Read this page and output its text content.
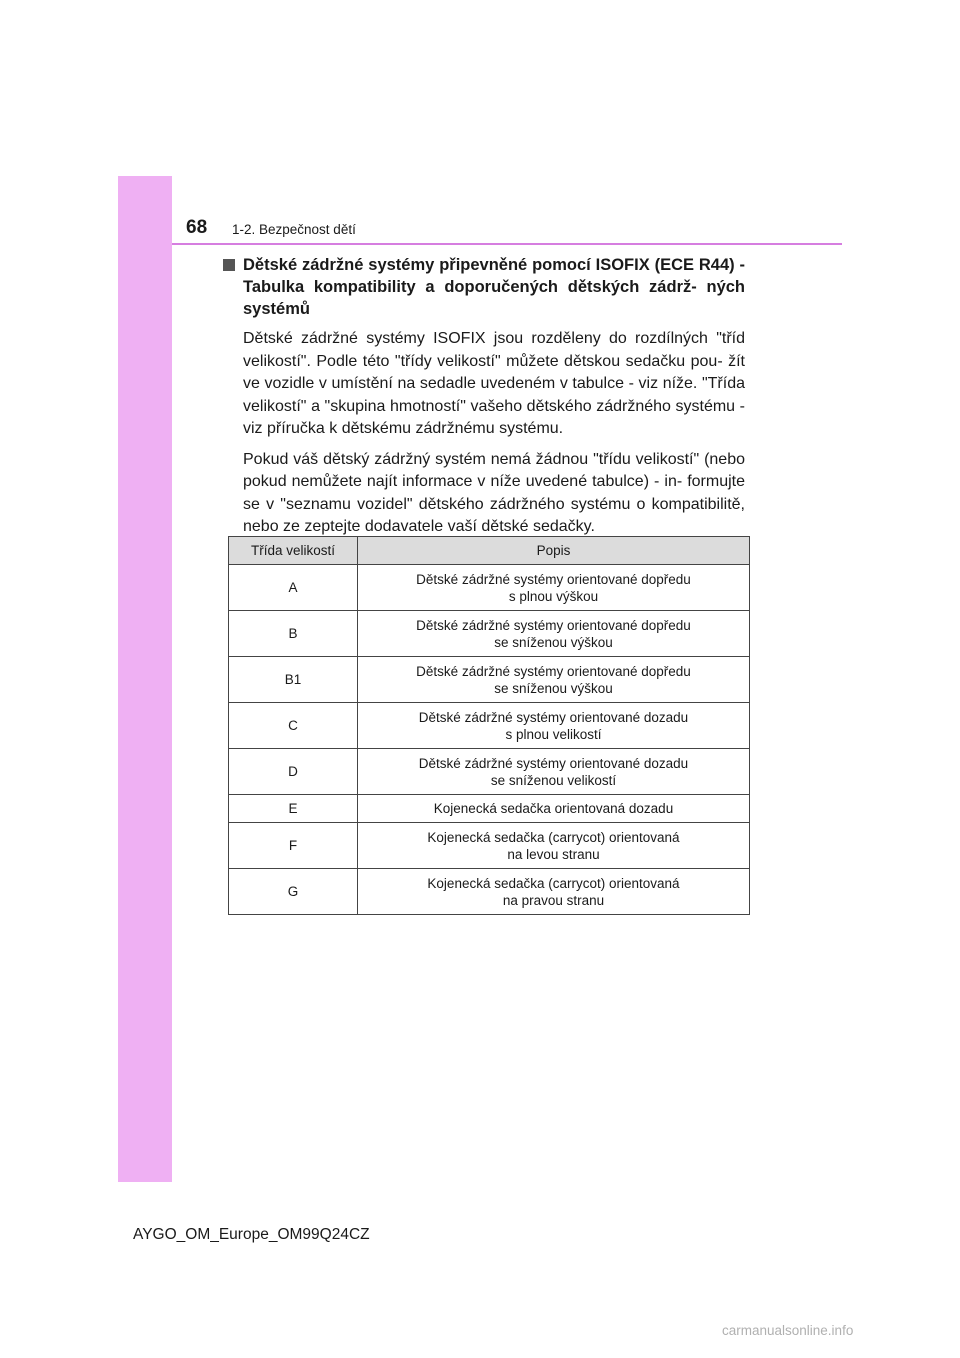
68 1-2. Bezpečnost dětí

Dětské zádržné systémy připevněné pomocí ISOFIX (ECE R44) - Tabulka kompatibility a doporučených dětských zádrž- ných systémů

Dětské zádržné systémy ISOFIX jsou rozděleny do rozdílných "tříd velikostí". Podle této "třídy velikostí" můžete dětskou sedačku pou- žít ve vozidle v umístění na sedadle uvedeném v tabulce - viz níže. "Třída velikostí" a "skupina hmotností" vašeho dětského zádržného systému - viz příručka k dětskému zádržnému systému.

Pokud váš dětský zádržný systém nemá žádnou "třídu velikostí" (nebo pokud nemůžete najít informace v níže uvedené tabulce) - in- formujte se v "seznamu vozidel" dětského zádržného systému o kompatibilitě, nebo ze zeptejte dodavatele vaší dětské sedačky.

Třída velikostí	Popis
A	Dětské zádržné systémy orientované dopředu
s plnou výškou
B	Dětské zádržné systémy orientované dopředu
se sníženou výškou
B1	Dětské zádržné systémy orientované dopředu
se sníženou výškou
C	Dětské zádržné systémy orientované dozadu
s plnou velikostí
D	Dětské zádržné systémy orientované dozadu
se sníženou velikostí
E	Kojenecká sedačka orientovaná dozadu
F	Kojenecká sedačka (carrycot) orientovaná
na levou stranu
G	Kojenecká sedačka (carrycot) orientovaná
na pravou stranu
AYGO_OM_Europe_OM99Q24CZ
carmanualsonline.info
